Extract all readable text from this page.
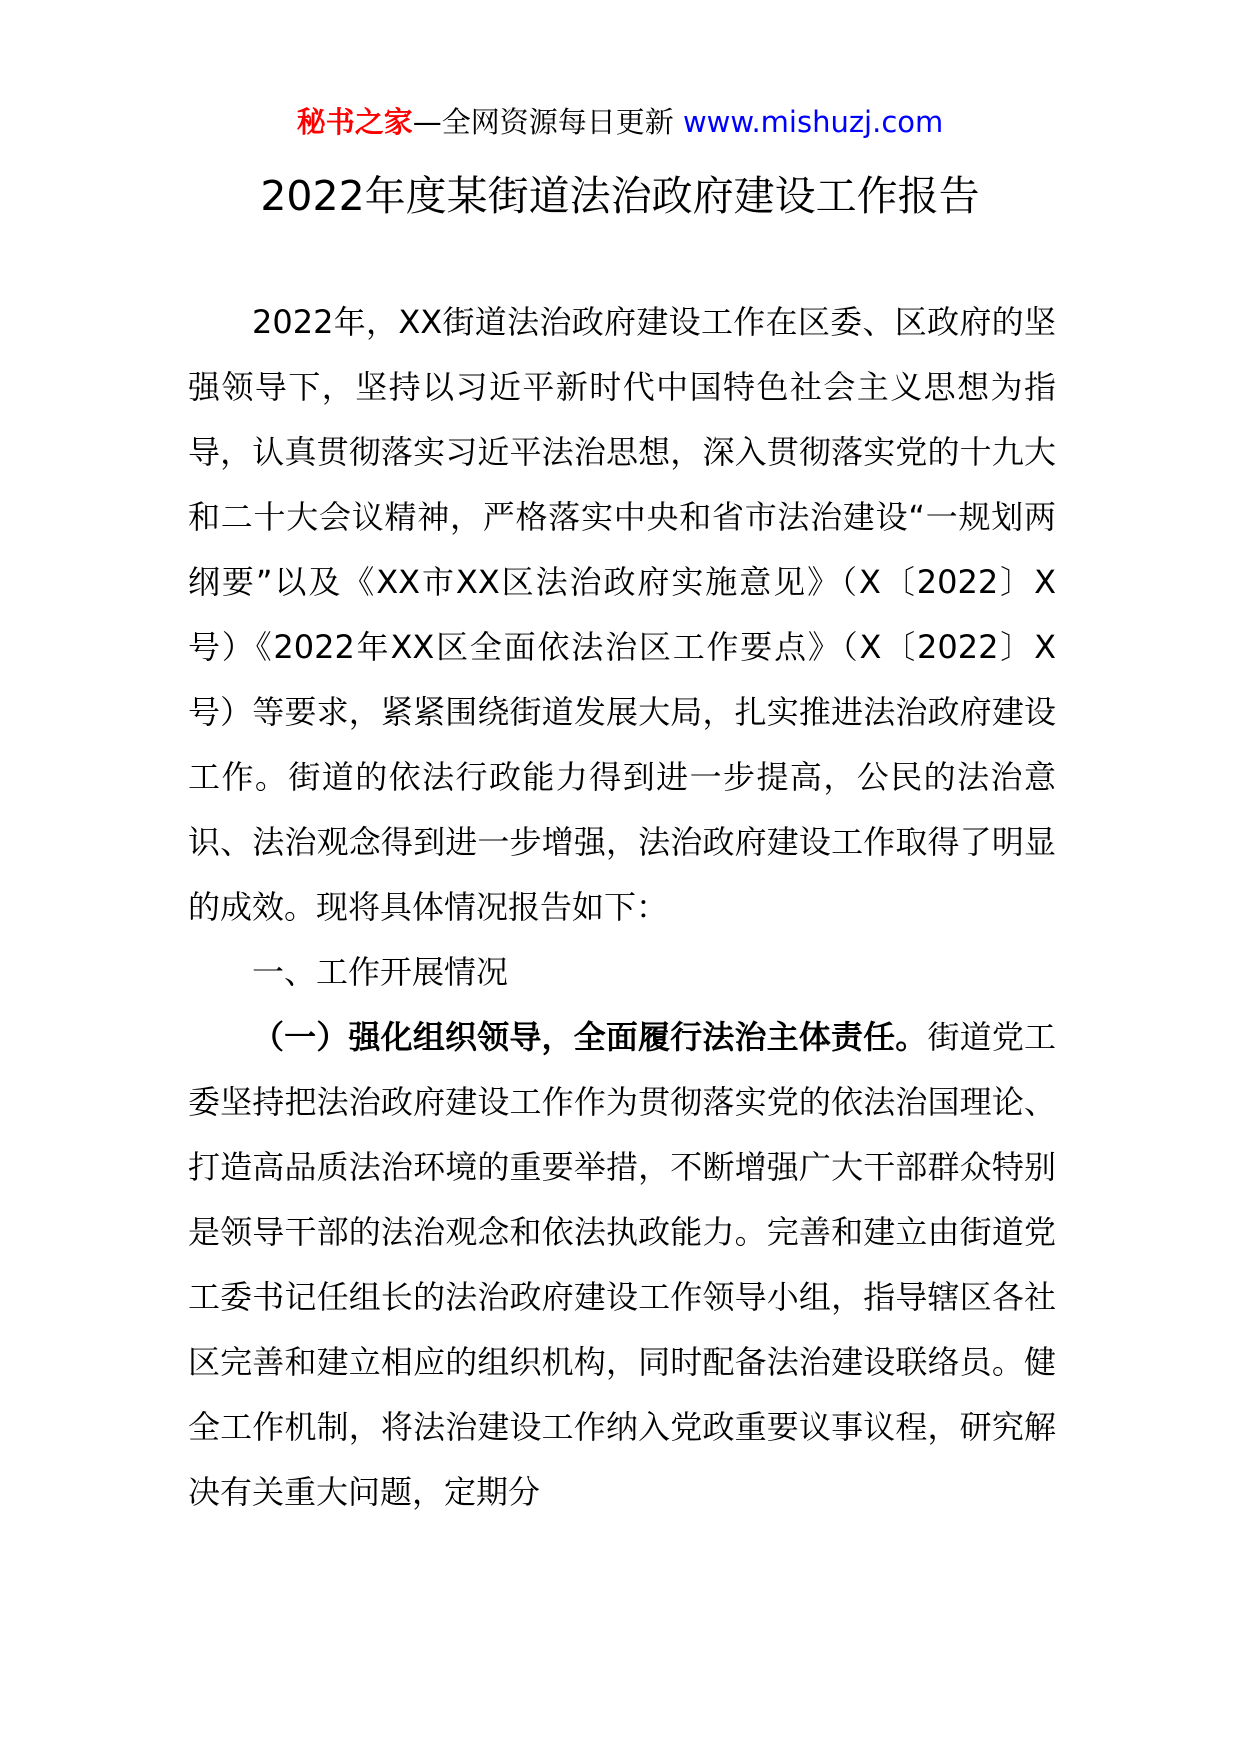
秘书之家—全网资源每日更新 www.mishuzj.com
2022年度某街道法治政府建设工作报告

2022年，XX街道法治政府建设工作在区委、区政府的坚强领导下，坚持以习近平新时代中国特色社会主义思想为指导，认真贯彻落实习近平法治思想，深入贯彻落实党的十九大和二十大会议精神，严格落实中央和省市法治建设“一规划两纲要”以及《XX市XX区法治政府实施意见》（X〔2022〕X号）《2022年XX区全面依法治区工作要点》（X〔2022〕X号）等要求，紧紧围绕街道发展大局，扎实推进法治政府建设工作。街道的依法行政能力得到进一步提高，公民的法治意识、法治观念得到进一步增强，法治政府建设工作取得了明显的成效。现将具体情况报告如下：

一、工作开展情况

（一）强化组织领导，全面履行法治主体责任。街道党工委坚持把法治政府建设工作作为贯彻落实党的依法治国理论、打造高品质法治环境的重要举措，不断增强广大干部群众特别是领导干部的法治观念和依法执政能力。完善和建立由街道党工委书记任组长的法治政府建设工作领导小组，指导辖区各社区完善和建立相应的组织机构，同时配备法治建设联络员。健全工作机制，将法治建设工作纳入党政重要议事议程，研究解决有关重大问题，定期分
